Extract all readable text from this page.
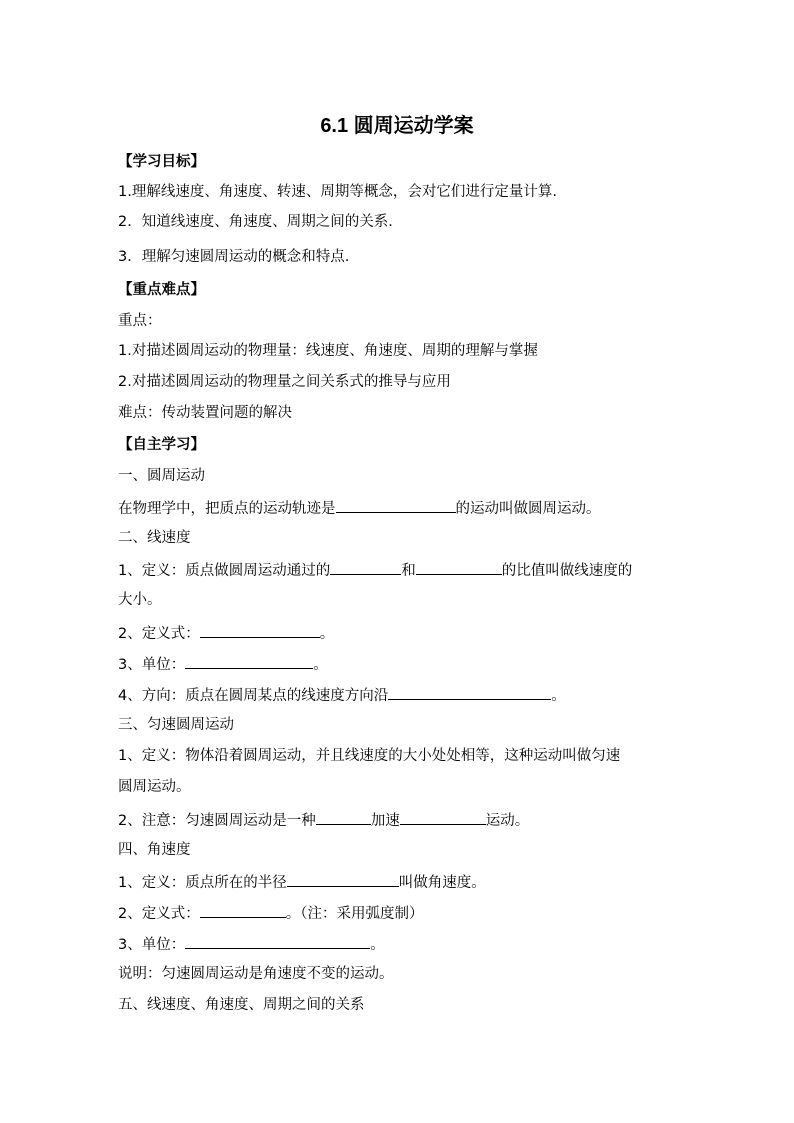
6.1 圆周运动学案
【学习目标】
1.理解线速度、角速度、转速、周期等概念，会对它们进行定量计算.
2．知道线速度、角速度、周期之间的关系.
3．理解匀速圆周运动的概念和特点.
【重点难点】
重点：
1.对描述圆周运动的物理量：线速度、角速度、周期的理解与掌握
2.对描述圆周运动的物理量之间关系式的推导与应用
难点：传动装置问题的解决
【自主学习】
一、圆周运动
在物理学中，把质点的运动轨迹是	的运动叫做圆周运动。
二、线速度
1、定义：质点做圆周运动通过的	和	的比值叫做线速度的
大小。
2、定义式：	。
3、单位：	。
4、方向：质点在圆周某点的线速度方向沿	。
三、匀速圆周运动
1、定义：物体沿着圆周运动，并且线速度的大小处处相等，这种运动叫做匀速
圆周运动。
2、注意：匀速圆周运动是一种	加速	运动。
四、角速度
1、定义：质点所在的半径	叫做角速度。
2、定义式：	。（注：采用弧度制）
3、单位：	。
说明：匀速圆周运动是角速度不变的运动。
五、线速度、角速度、周期之间的关系
